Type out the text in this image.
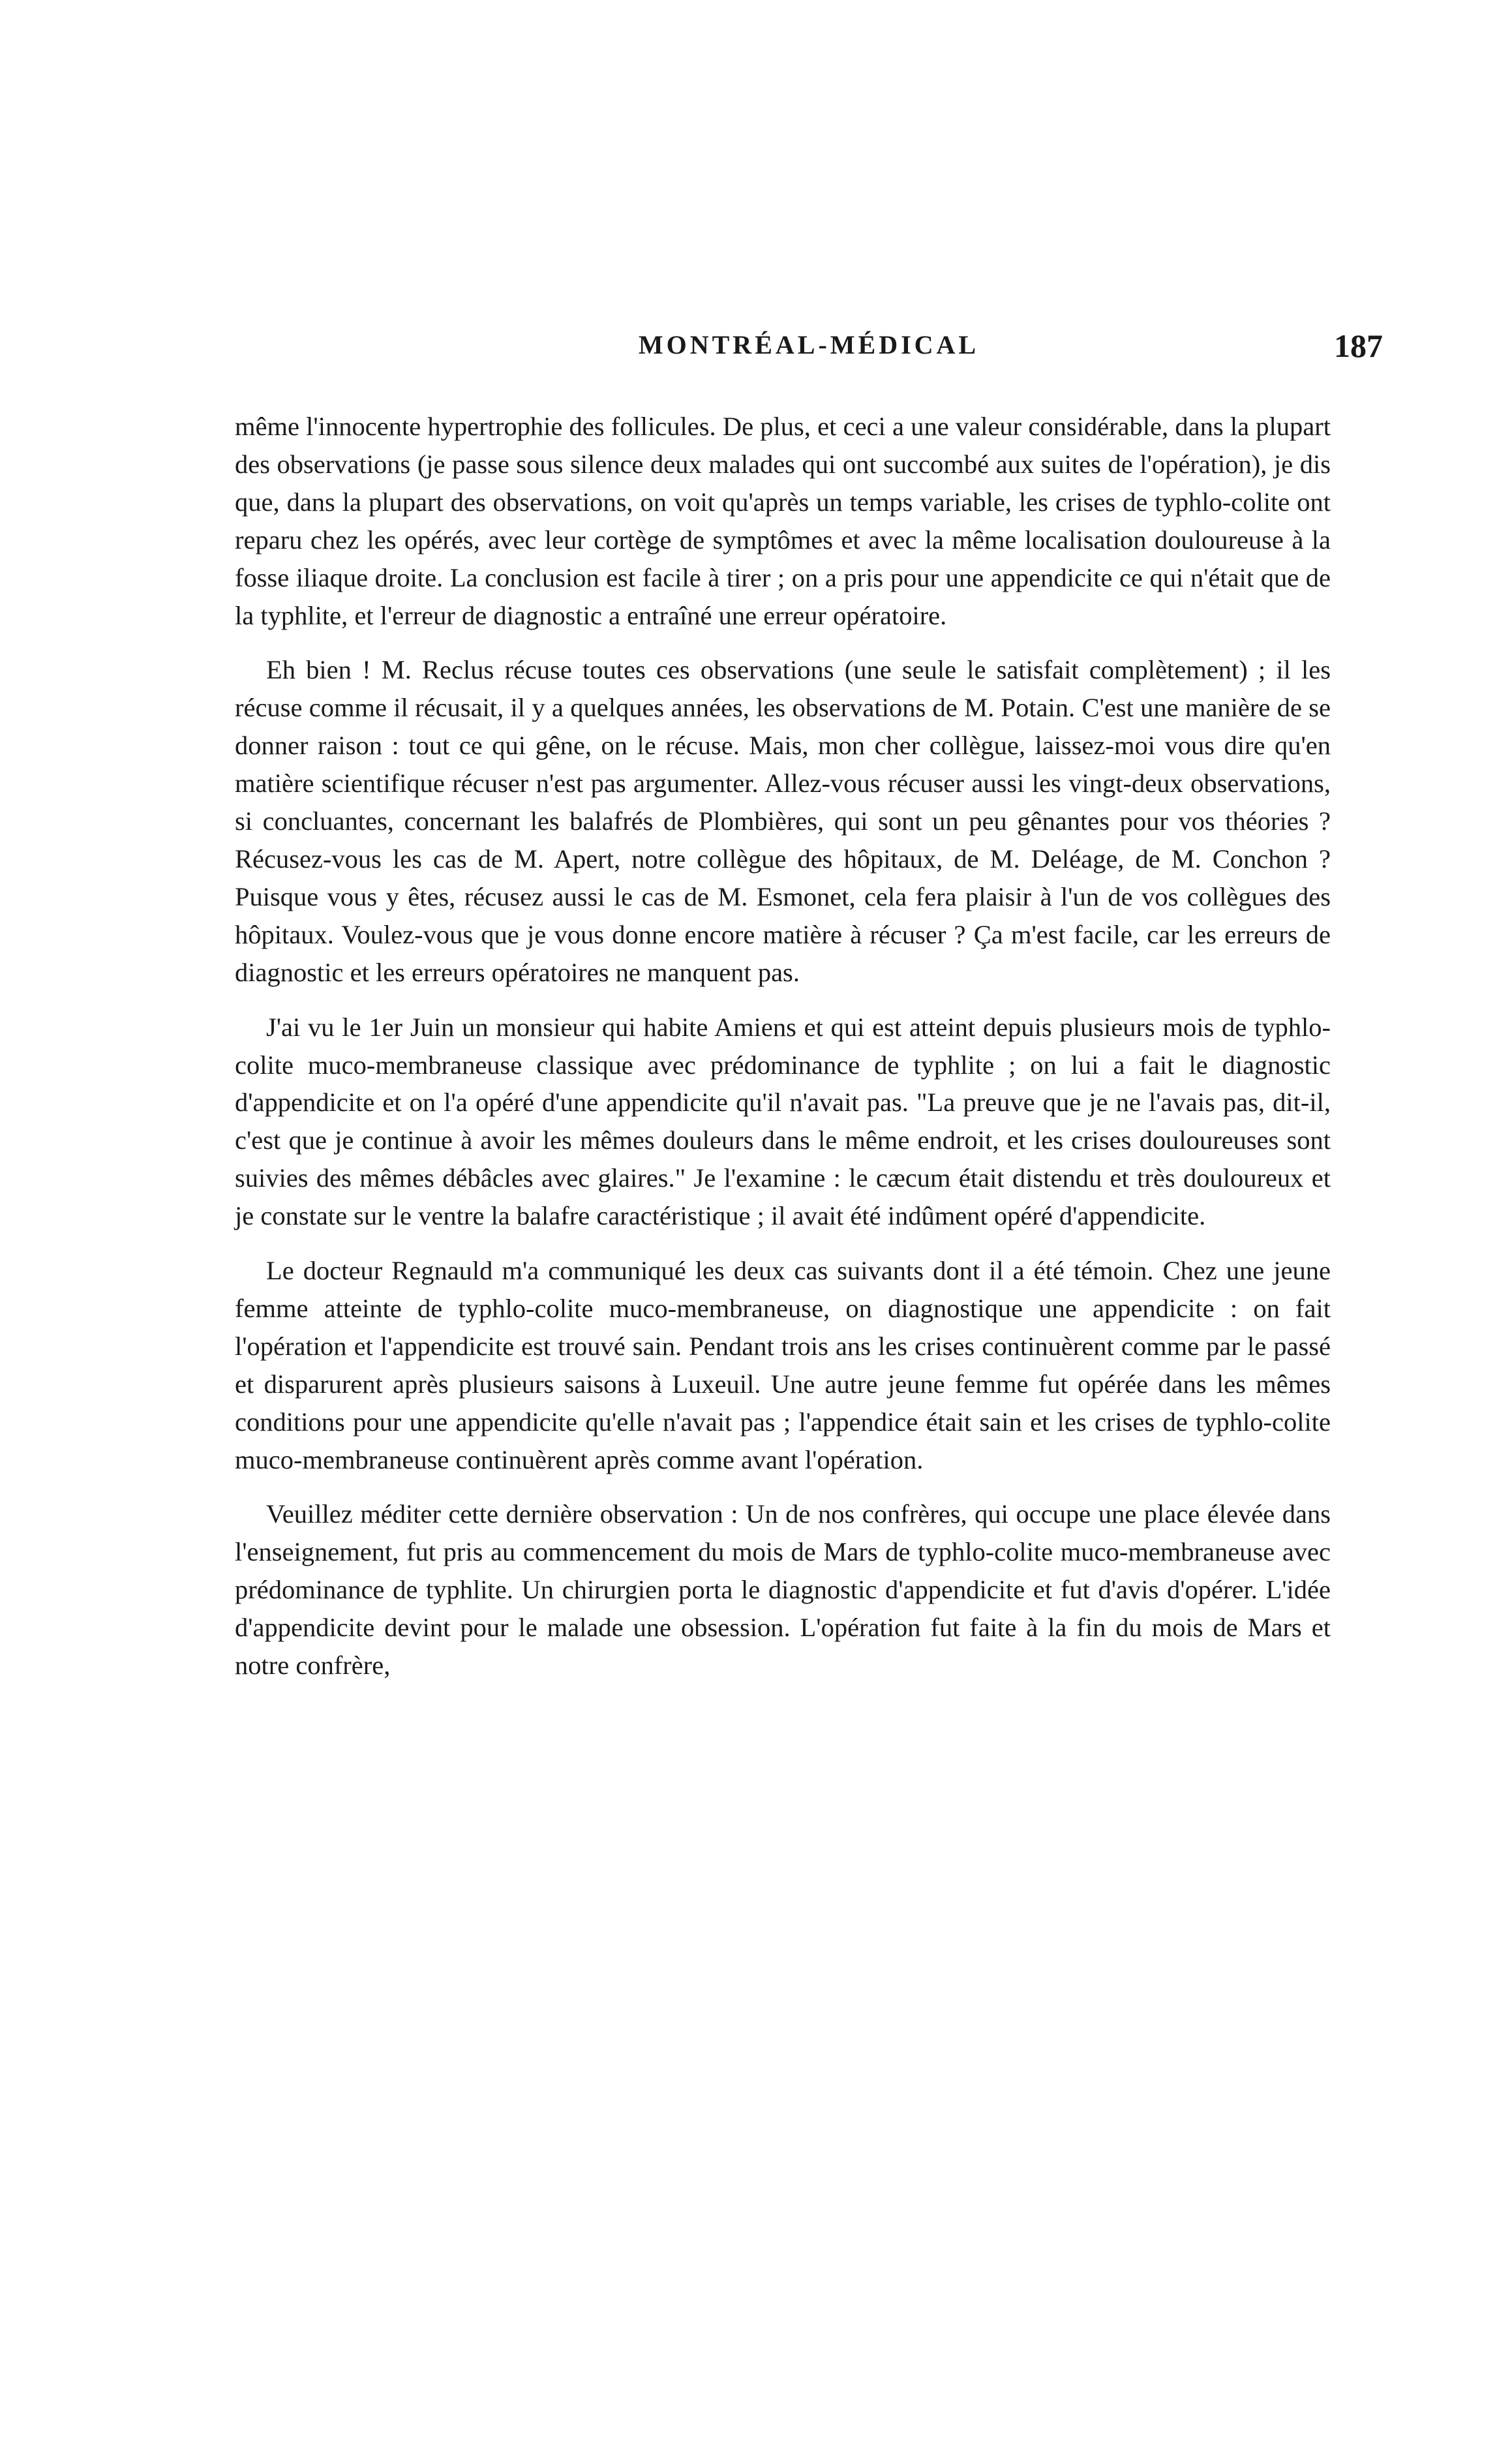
MONTRÉAL-MÉDICAL	187

même l'innocente hypertrophie des follicules. De plus, et ceci a une valeur considérable, dans la plupart des observations (je passe sous silence deux malades qui ont succombé aux suites de l'opération), je dis que, dans la plupart des observations, on voit qu'après un temps variable, les crises de typhlo-colite ont reparu chez les opérés, avec leur cortège de symptômes et avec la même localisation douloureuse à la fosse iliaque droite. La conclusion est facile à tirer ; on a pris pour une appendicite ce qui n'était que de la typhlite, et l'erreur de diagnostic a entraîné une erreur opératoire.

Eh bien ! M. Reclus récuse toutes ces observations (une seule le satisfait complètement) ; il les récuse comme il récusait, il y a quelques années, les observations de M. Potain. C'est une manière de se donner raison : tout ce qui gêne, on le récuse. Mais, mon cher collègue, laissez-moi vous dire qu'en matière scientifique récuser n'est pas argumenter. Allez-vous récuser aussi les vingt-deux observations, si concluantes, concernant les balafrés de Plombières, qui sont un peu gênantes pour vos théories ? Récusez-vous les cas de M. Apert, notre collègue des hôpitaux, de M. Deléage, de M. Conchon ? Puisque vous y êtes, récusez aussi le cas de M. Esmonet, cela fera plaisir à l'un de vos collègues des hôpitaux. Voulez-vous que je vous donne encore matière à récuser ? Ça m'est facile, car les erreurs de diagnostic et les erreurs opératoires ne manquent pas.

J'ai vu le 1er Juin un monsieur qui habite Amiens et qui est atteint depuis plusieurs mois de typhlo-colite muco-membraneuse classique avec prédominance de typhlite ; on lui a fait le diagnostic d'appendicite et on l'a opéré d'une appendicite qu'il n'avait pas. "La preuve que je ne l'avais pas, dit-il, c'est que je continue à avoir les mêmes douleurs dans le même endroit, et les crises douloureuses sont suivies des mêmes débâcles avec glaires." Je l'examine : le cæcum était distendu et très douloureux et je constate sur le ventre la balafre caractéristique ; il avait été indûment opéré d'appendicite.

Le docteur Regnauld m'a communiqué les deux cas suivants dont il a été témoin. Chez une jeune femme atteinte de typhlo-colite muco-membraneuse, on diagnostique une appendicite : on fait l'opération et l'appendicite est trouvé sain. Pendant trois ans les crises continuèrent comme par le passé et disparurent après plusieurs saisons à Luxeuil. Une autre jeune femme fut opérée dans les mêmes conditions pour une appendicite qu'elle n'avait pas ; l'appendice était sain et les crises de typhlo-colite muco-membraneuse continuèrent après comme avant l'opération.

Veuillez méditer cette dernière observation : Un de nos confrères, qui occupe une place élevée dans l'enseignement, fut pris au commencement du mois de Mars de typhlo-colite muco-membraneuse avec prédominance de typhlite. Un chirurgien porta le diagnostic d'appendicite et fut d'avis d'opérer. L'idée d'appendicite devint pour le malade une obsession. L'opération fut faite à la fin du mois de Mars et notre confrère,
